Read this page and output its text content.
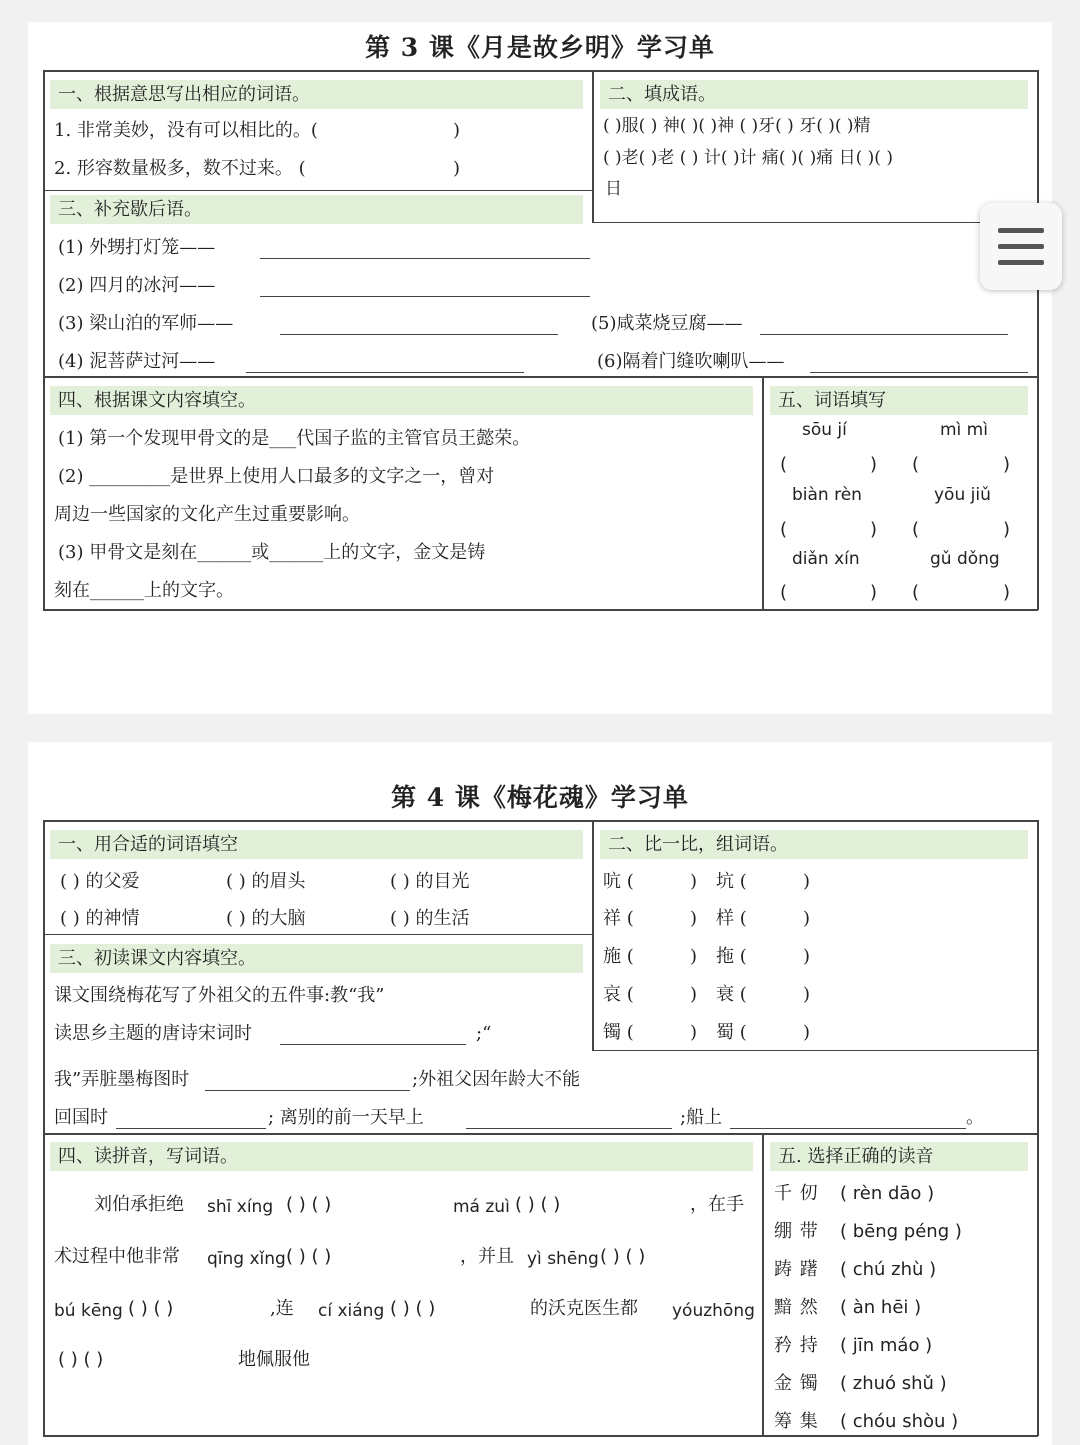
第 3 课《月是故乡明》学习单
一、根据意思写出相应的词语。
1. 非常美妙，没有可以相比的。(	)
2. 形容数量极多，数不过来。 (	)
二、填成语。
( )服( ) 神( )( )神 ( )牙( ) 牙( )( )精
( )老( )老 ( ) 计( )计 痛( )( )痛 日( )( )
日
三、补充歇后语。
(1) 外甥打灯笼——
(2) 四月的冰河——
(3) 梁山泊的军师——	(5)咸菜烧豆腐——
(4) 泥菩萨过河——	(6)隔着门缝吹喇叭——
四、根据课文内容填空。
(1) 第一个发现甲骨文的是___代国子监的主管官员王懿荣。
(2) _________是世界上使用人口最多的文字之一，曾对
周边一些国家的文化产生过重要影响。
(3) 甲骨文是刻在______或______上的文字，金文是铸
刻在______上的文字。
五、词语填写
sōu jí	mì mì
(	) (	)
biàn rèn	yōu jiǔ
(	) (	)
diǎn xín	gǔ dǒng
(	) (	)
第 4 课《梅花魂》学习单
一、用合适的词语填空
( ) 的父爱	( ) 的眉头	( ) 的目光
( ) 的神情	( ) 的大脑	( ) 的生活
二、比一比，组词语。
吭 (	) 坑 (	)
祥 (	) 样 (	)
施 (	) 拖 (	)
哀 (	) 衰 (	)
镯 (	) 蜀 (	)
三、初读课文内容填空。
课文围绕梅花写了外祖父的五件事:教“我”
读思乡主题的唐诗宋词时	;“
我”弄脏墨梅图时	;外祖父因年龄大不能
回国时	; 离别的前一天早上	;船上	。
四、读拼音，写词语。
刘伯承拒绝 shī xíng ( ) ( )	má zuì ( ) ( )	，在手
术过程中他非常 qīng xǐng ( ) ( )	，并且 yì shēng ( ) ( )
bú kēng ( ) ( )	,连 cí xiáng ( ) ( )	的沃克医生都 yóuzhōng
( ) ( )	地佩服他
五. 选择正确的读音
千 仞 ( rèn dāo )
绷 带 ( bēng péng )
踌 躇 ( chú zhù )
黯 然 ( àn hēi )
矜 持 ( jīn máo )
金 镯 ( zhuó shǔ )
筹 集 ( chóu shòu )
